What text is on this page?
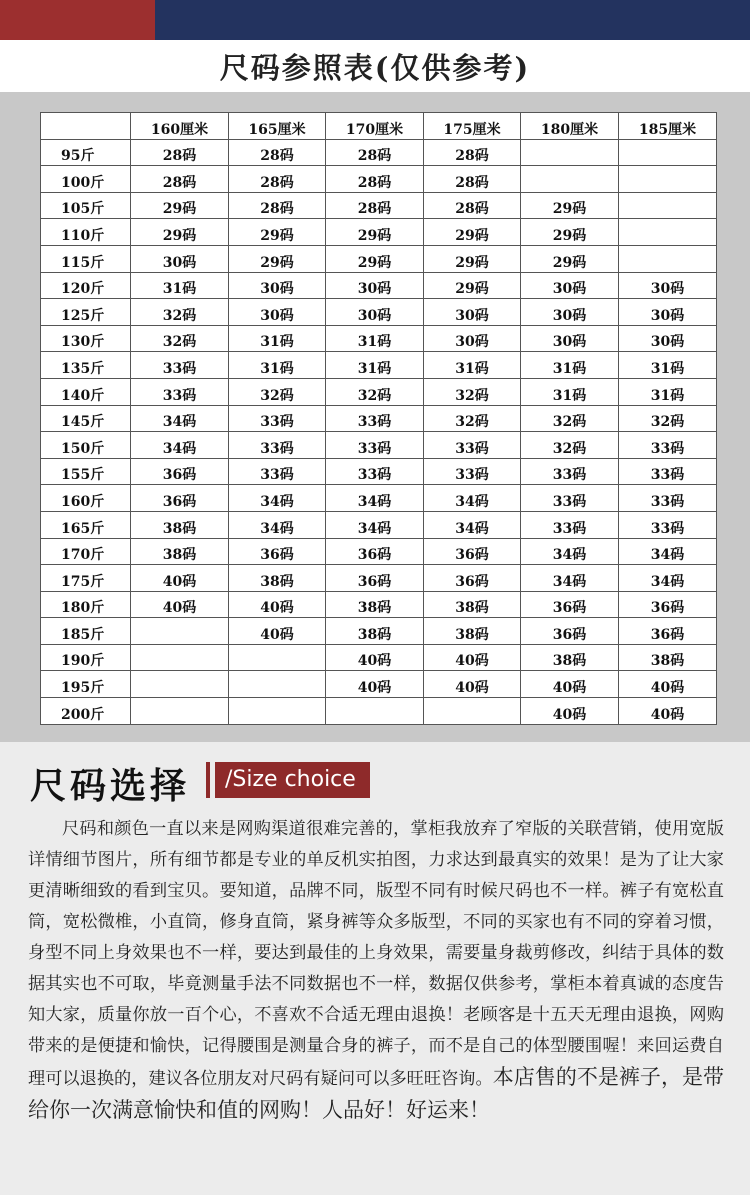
尺码参照表(仅供参考)
	160厘米	165厘米	170厘米	175厘米	180厘米	185厘米
95斤	28码	28码	28码	28码		
100斤	28码	28码	28码	28码		
105斤	29码	28码	28码	28码	29码	
110斤	29码	29码	29码	29码	29码	
115斤	30码	29码	29码	29码	29码	
120斤	31码	30码	30码	29码	30码	30码
125斤	32码	30码	30码	30码	30码	30码
130斤	32码	31码	31码	30码	30码	30码
135斤	33码	31码	31码	31码	31码	31码
140斤	33码	32码	32码	32码	31码	31码
145斤	34码	33码	33码	32码	32码	32码
150斤	34码	33码	33码	33码	32码	33码
155斤	36码	33码	33码	33码	33码	33码
160斤	36码	34码	34码	34码	33码	33码
165斤	38码	34码	34码	34码	33码	33码
170斤	38码	36码	36码	36码	34码	34码
175斤	40码	38码	36码	36码	34码	34码
180斤	40码	40码	38码	38码	36码	36码
185斤		40码	38码	38码	36码	36码
190斤			40码	40码	38码	38码
195斤			40码	40码	40码	40码
200斤					40码	40码
尺码选择	/Size choice
尺码和颜色一直以来是网购渠道很难完善的，掌柜我放弃了窄版的关联营销，使用宽版详情细节图片，所有细节都是专业的单反机实拍图，力求达到最真实的效果！是为了让大家更清晰细致的看到宝贝。要知道，品牌不同，版型不同有时候尺码也不一样。裤子有宽松直筒，宽松微椎，小直筒，修身直筒，紧身裤等众多版型，不同的买家也有不同的穿着习惯，身型不同上身效果也不一样，要达到最佳的上身效果，需要量身裁剪修改，纠结于具体的数据其实也不可取，毕竟测量手法不同数据也不一样，数据仅供参考，掌柜本着真诚的态度告知大家，质量你放一百个心，不喜欢不合适无理由退换！老顾客是十五天无理由退换，网购带来的是便捷和愉快，记得腰围是测量合身的裤子，而不是自己的体型腰围喔！来回运费自理可以退换的，建议各位朋友对尺码有疑问可以多旺旺咨询。本店售的不是裤子，是带给你一次满意愉快和值的网购！人品好！好运来！
